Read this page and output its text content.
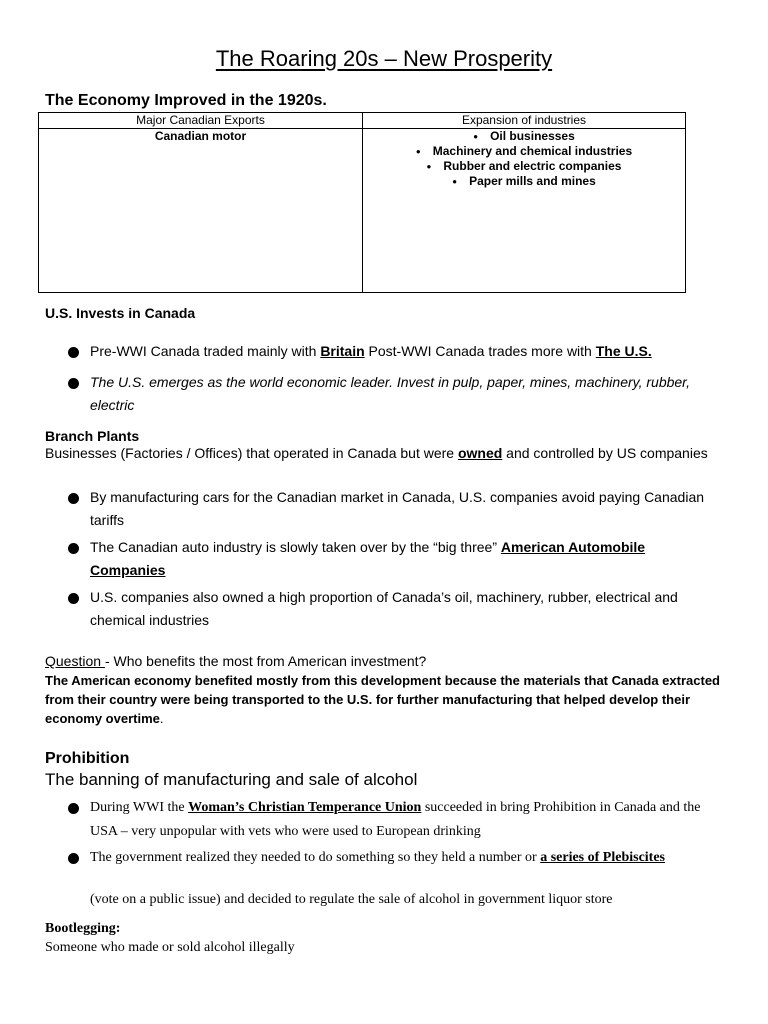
The Roaring 20s – New Prosperity
The Economy Improved in the 1920s.
Major Canadian Exports
Canadian motor
Expansion of industries
● Oil businesses
● Machinery and chemical industries
● Rubber and electric companies
● Paper mills and mines
U.S. Invests in Canada
Pre-WWI Canada traded mainly with Britain Post-WWI Canada trades more with The U.S.
The U.S. emerges as the world economic leader. Invest in pulp, paper, mines, machinery, rubber, electric
Branch Plants
Businesses (Factories / Offices) that operated in Canada but were owned and controlled by US companies
By manufacturing cars for the Canadian market in Canada, U.S. companies avoid paying Canadian tariffs
The Canadian auto industry is slowly taken over by the “big three” American Automobile Companies
U.S. companies also owned a high proportion of Canada’s oil, machinery, rubber, electrical and chemical industries
Question - Who benefits the most from American investment?
The American economy benefited mostly from this development because the materials that Canada extracted from their country were being transported to the U.S. for further manufacturing that helped develop their economy overtime.
Prohibition
The banning of manufacturing and sale of alcohol
During WWI the Woman’s Christian Temperance Union succeeded in bring Prohibition in Canada and the USA – very unpopular with vets who were used to European drinking
The government realized they needed to do something so they held a number or a series of Plebiscites
(vote on a public issue) and decided to regulate the sale of alcohol in government liquor store
Bootlegging:
Someone who made or sold alcohol illegally
